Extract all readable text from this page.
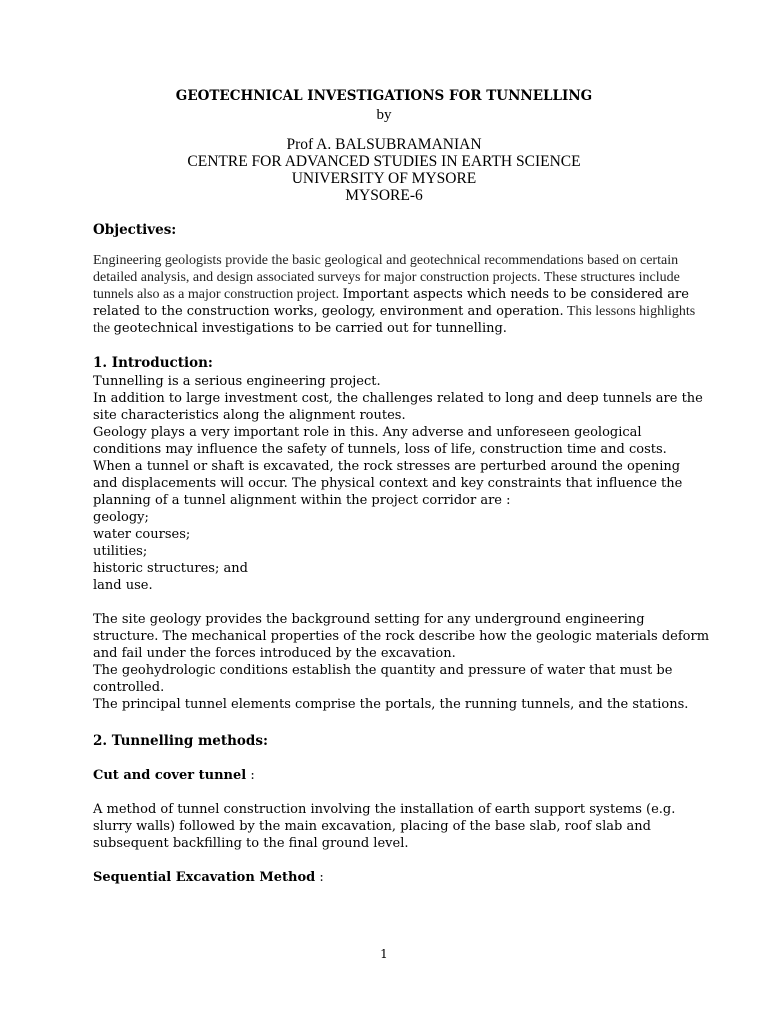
GEOTECHNICAL INVESTIGATIONS FOR TUNNELLING
by
Prof A. BALSUBRAMANIAN
CENTRE FOR ADVANCED STUDIES IN EARTH SCIENCE
UNIVERSITY OF MYSORE
MYSORE-6
Objectives:
Engineering geologists provide the basic geological and geotechnical recommendations based on certain detailed analysis, and design associated surveys for major construction projects. These structures include tunnels also as a major construction project. Important aspects which needs to be considered are related to the construction works, geology, environment and operation. This lessons highlights the geotechnical investigations to be carried out for tunnelling.
1. Introduction:
Tunnelling is a serious engineering project.
In addition to large investment cost, the challenges related to long and deep tunnels are the
site characteristics along the alignment routes.
Geology plays a very important role in this. Any adverse and unforeseen geological
conditions may influence the safety of tunnels, loss of life, construction time and costs.
When a tunnel or shaft is excavated, the rock stresses are perturbed around the opening
and displacements will occur. The physical context and key constraints that influence the
planning of a tunnel alignment within the project corridor are :
geology;
water courses;
utilities;
historic structures; and
land use.
The site geology provides the background setting for any underground engineering
structure. The mechanical properties of the rock describe how the geologic materials deform
and fail under the forces introduced by the excavation.
The geohydrologic conditions establish the quantity and pressure of water that must be
controlled.
The principal tunnel elements comprise the portals, the running tunnels, and the stations.
2. Tunnelling methods:
Cut and cover tunnel :
A method of tunnel construction involving the installation of earth support systems (e.g.
slurry walls) followed by the main excavation, placing of the base slab, roof slab and
subsequent backfilling to the final ground level.
Sequential Excavation Method :
1
